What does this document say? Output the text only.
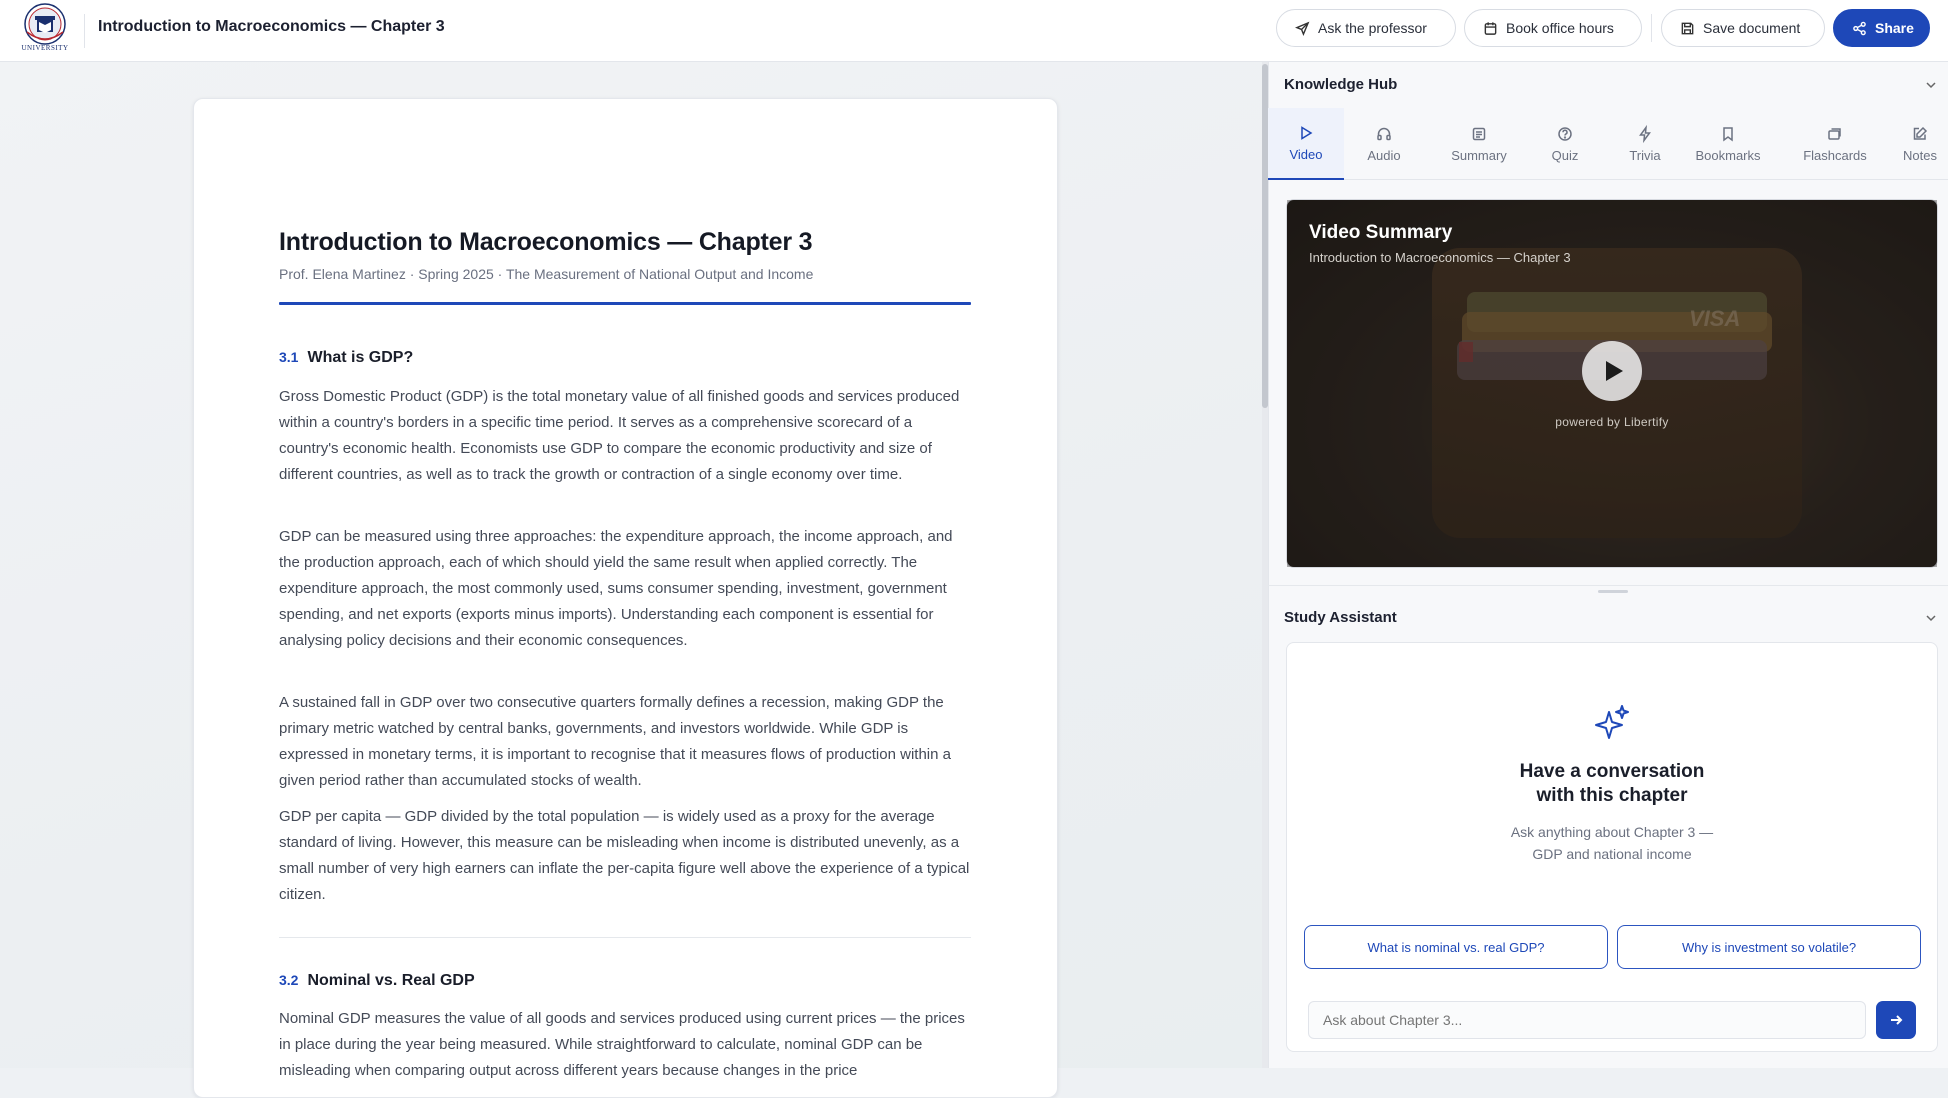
UNIVERSITY
Introduction to Macroeconomics — Chapter 3	Ask the professor	Book office hours	Save document	Share
Introduction to Macroeconomics — Chapter 3
Prof. Elena Martinez · Spring 2025 · The Measurement of National Output and Income
3.1 What is GDP?

Gross Domestic Product (GDP) is the total monetary value of all finished goods and services produced within a country's borders in a specific time period. It serves as a comprehensive scorecard of a country's economic health. Economists use GDP to compare the economic productivity and size of different countries, as well as to track the growth or contraction of a single economy over time.

GDP can be measured using three approaches: the expenditure approach, the income approach, and the production approach, each of which should yield the same result when applied correctly. The expenditure approach, the most commonly used, sums consumer spending, investment, government spending, and net exports (exports minus imports). Understanding each component is essential for analysing policy decisions and their economic consequences.

A sustained fall in GDP over two consecutive quarters formally defines a recession, making GDP the primary metric watched by central banks, governments, and investors worldwide. While GDP is expressed in monetary terms, it is important to recognise that it measures flows of production within a given period rather than accumulated stocks of wealth.

GDP per capita — GDP divided by the total population — is widely used as a proxy for the average standard of living. However, this measure can be misleading when income is distributed unevenly, as a small number of very high earners can inflate the per-capita figure well above the experience of a typical citizen.

3.2 Nominal vs. Real GDP

Nominal GDP measures the value of all goods and services produced using current prices — the prices in place during the year being measured. While straightforward to calculate, nominal GDP can be misleading when comparing output across different years because changes in the price

Knowledge Hub
Video	Audio	Summary	Quiz	Trivia	Bookmarks	Flashcards	Notes
VISA
Video Summary
Introduction to Macroeconomics — Chapter 3
powered by Libertify
Study Assistant
Have a conversation
with this chapter
Ask anything about Chapter 3 —
GDP and national income
What is nominal vs. real GDP?	Why is investment so volatile?
Ask about Chapter 3...
